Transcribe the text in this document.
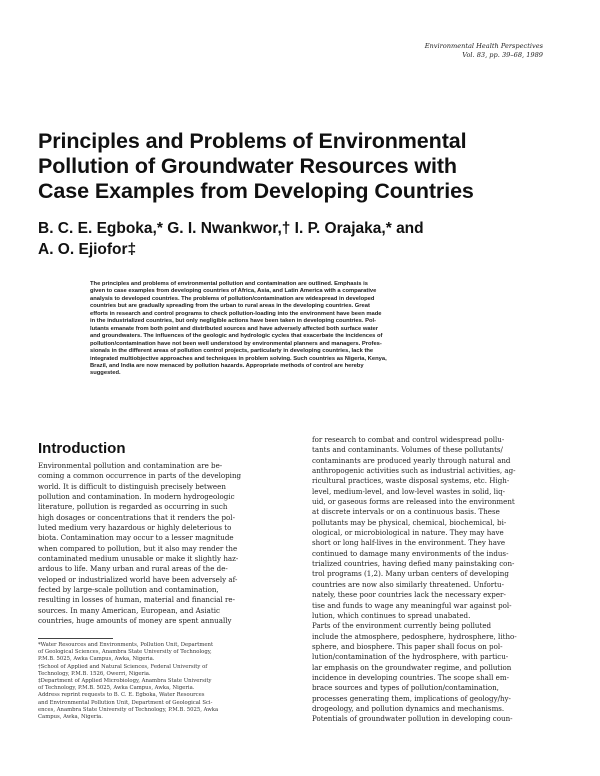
Environmental Health Perspectives
Vol. 83, pp. 39–68, 1989
Principles and Problems of Environmental
Pollution of Groundwater Resources with
Case Examples from Developing Countries
B. C. E. Egboka,* G. I. Nwankwor,† I. P. Orajaka,* and
A. O. Ejiofor‡
The principles and problems of environmental pollution and contamination are outlined. Emphasis is
given to case examples from developing countries of Africa, Asia, and Latin America with a comparative
analysis to developed countries. The problems of pollution/contamination are widespread in developed
countries but are gradually spreading from the urban to rural areas in the developing countries. Great
efforts in research and control programs to check pollution-loading into the environment have been made
in the industrialized countries, but only negligible actions have been taken in developing countries. Pol-
lutants emanate from both point and distributed sources and have adversely affected both surface water
and groundwaters. The influences of the geologic and hydrologic cycles that exacerbate the incidences of
pollution/contamination have not been well understood by environmental planners and managers. Profes-
sionals in the different areas of pollution control projects, particularly in developing countries, lack the
integrated multiobjective approaches and techniques in problem solving. Such countries as Nigeria, Kenya,
Brazil, and India are now menaced by pollution hazards. Appropriate methods of control are hereby
suggested.
Introduction
Environmental pollution and contamination are be-
coming a common occurrence in parts of the developing
world. It is difficult to distinguish precisely between
pollution and contamination. In modern hydrogeologic
literature, pollution is regarded as occurring in such
high dosages or concentrations that it renders the pol-
luted medium very hazardous or highly deleterious to
biota. Contamination may occur to a lesser magnitude
when compared to pollution, but it also may render the
contaminated medium unusable or make it slightly haz-
ardous to life. Many urban and rural areas of the de-
veloped or industrialized world have been adversely af-
fected by large-scale pollution and contamination,
resulting in losses of human, material and financial re-
sources. In many American, European, and Asiatic
countries, huge amounts of money are spent annually
*Water Resources and Environments, Pollution Unit, Department
of Geological Sciences, Anambra State University of Technology,
P.M.B. 5025, Awka Campus, Awka, Nigeria.
†School of Applied and Natural Sciences, Federal University of
Technology, P.M.B. 1526, Owerri, Nigeria.
‡Department of Applied Microbiology, Anambra State University
of Technology, P.M.B. 5025, Awka Campus, Awka, Nigeria.
Address reprint requests to B. C. E. Egboka, Water Resources
and Environmental Pollution Unit, Department of Geological Sci-
ences, Anambra State University of Technology, P.M.B. 5025, Awka
Campus, Awka, Nigeria.
for research to combat and control widespread pollu-
tants and contaminants. Volumes of these pollutants/
contaminants are produced yearly through natural and
anthropogenic activities such as industrial activities, ag-
ricultural practices, waste disposal systems, etc. High-
level, medium-level, and low-level wastes in solid, liq-
uid, or gaseous forms are released into the environment
at discrete intervals or on a continuous basis. These
pollutants may be physical, chemical, biochemical, bi-
ological, or microbiological in nature. They may have
short or long half-lives in the environment. They have
continued to damage many environments of the indus-
trialized countries, having defied many painstaking con-
trol programs (1,2). Many urban centers of developing
countries are now also similarly threatened. Unfortu-
nately, these poor countries lack the necessary exper-
tise and funds to wage any meaningful war against pol-
lution, which continues to spread unabated.
Parts of the environment currently being polluted
include the atmosphere, pedosphere, hydrosphere, litho-
sphere, and biosphere. This paper shall focus on pol-
lution/contamination of the hydrosphere, with particu-
lar emphasis on the groundwater regime, and pollution
incidence in developing countries. The scope shall em-
brace sources and types of pollution/contamination,
processes generating them, implications of geology/hy-
drogeology, and pollution dynamics and mechanisms.
Potentials of groundwater pollution in developing coun-
